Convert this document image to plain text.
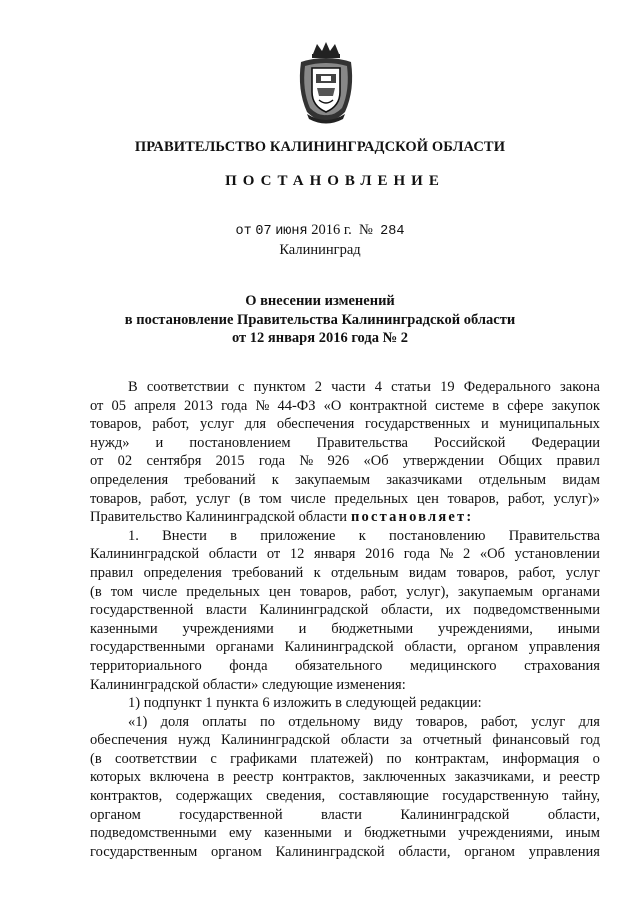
ПРАВИТЕЛЬСТВО КАЛИНИНГРАДСКОЙ ОБЛАСТИ
ПОСТАНОВЛЕНИЕ
от 07 июня 2016 г. № 284
Калининград
О внесении изменений
в постановление Правительства Калининградской области
от 12 января 2016 года № 2
В соответствии с пунктом 2 части 4 статьи 19 Федерального закона
от 05 апреля 2013 года № 44-ФЗ «О контрактной системе в сфере закупок
товаров, работ, услуг для обеспечения государственных и муниципальных
нужд» и постановлением Правительства Российской Федерации
от 02 сентября 2015 года № 926 «Об утверждении Общих правил
определения требований к закупаемым заказчиками отдельным видам
товаров, работ, услуг (в том числе предельных цен товаров, работ, услуг)»
Правительство Калининградской области постановляет:
1. Внести в приложение к постановлению Правительства
Калининградской области от 12 января 2016 года № 2 «Об установлении
правил определения требований к отдельным видам товаров, работ, услуг
(в том числе предельных цен товаров, работ, услуг), закупаемым органами
государственной власти Калининградской области, их подведомственными
казенными учреждениями и бюджетными учреждениями, иными
государственными органами Калининградской области, органом управления
территориального фонда обязательного медицинского страхования
Калининградской области» следующие изменения:
1) подпункт 1 пункта 6 изложить в следующей редакции:
«1) доля оплаты по отдельному виду товаров, работ, услуг для
обеспечения нужд Калининградской области за отчетный финансовый год
(в соответствии с графиками платежей) по контрактам, информация о
которых включена в реестр контрактов, заключенных заказчиками, и реестр
контрактов, содержащих сведения, составляющие государственную тайну,
органом	государственной	власти	Калининградской	области,
подведомственными ему казенными и бюджетными учреждениями, иным
государственным органом Калининградской области, органом управления
